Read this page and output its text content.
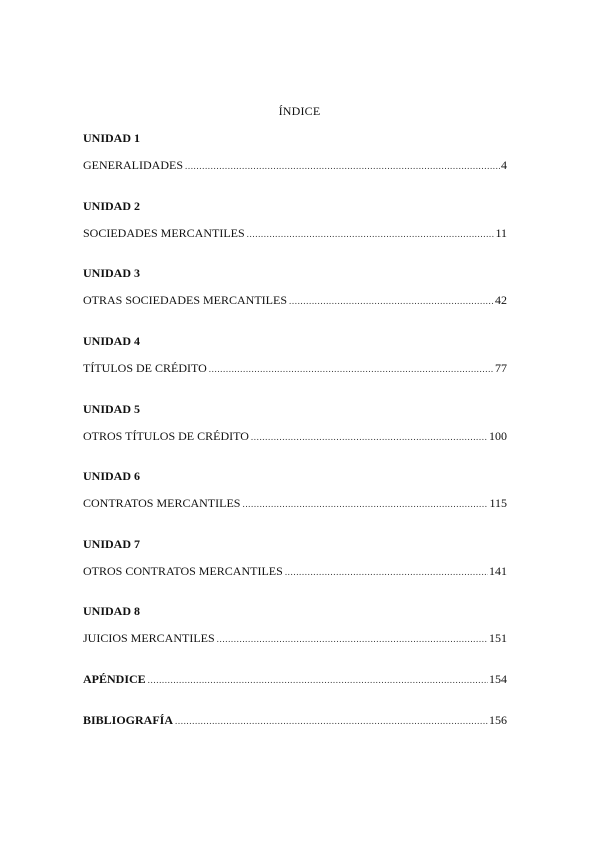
ÍNDICE
UNIDAD 1
GENERALIDADES .....	4
UNIDAD 2
SOCIEDADES MERCANTILES .....	11
UNIDAD 3
OTRAS SOCIEDADES MERCANTILES .....	42
UNIDAD 4
TÍTULOS DE CRÉDITO .....	77
UNIDAD 5
OTROS TÍTULOS DE CRÉDITO .....	100
UNIDAD 6
CONTRATOS MERCANTILES .....	115
UNIDAD 7
OTROS CONTRATOS MERCANTILES .....	141
UNIDAD 8
JUICIOS MERCANTILES .....	151
APÉNDICE .....	154
BIBLIOGRAFÍA .....	156
